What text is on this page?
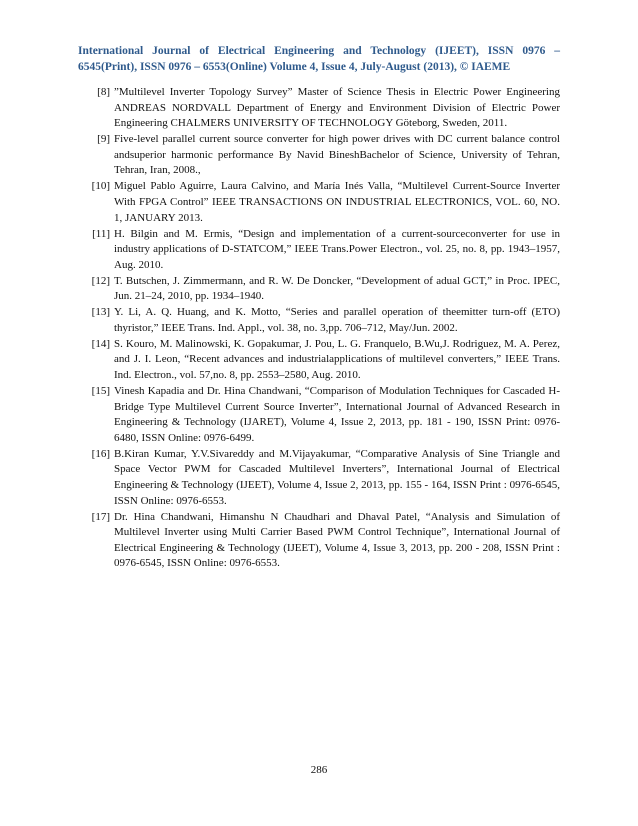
International Journal of Electrical Engineering and Technology (IJEET), ISSN 0976 – 6545(Print), ISSN 0976 – 6553(Online) Volume 4, Issue 4, July-August (2013), © IAEME
[8] ”Multilevel Inverter Topology Survey” Master of Science Thesis in Electric Power Engineering ANDREAS NORDVALL Department of Energy and Environment Division of Electric Power Engineering CHALMERS UNIVERSITY OF TECHNOLOGY Göteborg, Sweden, 2011.
[9] Five-level parallel current source converter for high power drives with DC current balance control andsuperior harmonic performance By Navid BineshBachelor of Science, University of Tehran, Tehran, Iran, 2008.,
[10] Miguel Pablo Aguirre, Laura Calvino, and María Inés Valla, “Multilevel Current-Source Inverter With FPGA Control” IEEE TRANSACTIONS ON INDUSTRIAL ELECTRONICS, VOL. 60, NO. 1, JANUARY 2013.
[11] H. Bilgin and M. Ermis, “Design and implementation of a current-sourceconverter for use in industry applications of D-STATCOM,” IEEE Trans.Power Electron., vol. 25, no. 8, pp. 1943–1957, Aug. 2010.
[12] T. Butschen, J. Zimmermann, and R. W. De Doncker, “Development of adual GCT,” in Proc. IPEC, Jun. 21–24, 2010, pp. 1934–1940.
[13] Y. Li, A. Q. Huang, and K. Motto, “Series and parallel operation of theemitter turn-off (ETO) thyristor,” IEEE Trans. Ind. Appl., vol. 38, no. 3,pp. 706–712, May/Jun. 2002.
[14] S. Kouro, M. Malinowski, K. Gopakumar, J. Pou, L. G. Franquelo, B.Wu,J. Rodriguez, M. A. Perez, and J. I. Leon, “Recent advances and industrialapplications of multilevel converters,” IEEE Trans. Ind. Electron., vol. 57,no. 8, pp. 2553–2580, Aug. 2010.
[15] Vinesh Kapadia and Dr. Hina Chandwani, “Comparison of Modulation Techniques for Cascaded H-Bridge Type Multilevel Current Source Inverter”, International Journal of Advanced Research in Engineering & Technology (IJARET), Volume 4, Issue 2, 2013, pp. 181 - 190, ISSN Print: 0976-6480, ISSN Online: 0976-6499.
[16] B.Kiran Kumar, Y.V.Sivareddy and M.Vijayakumar, “Comparative Analysis of Sine Triangle and Space Vector PWM for Cascaded Multilevel Inverters”, International Journal of Electrical Engineering & Technology (IJEET), Volume 4, Issue 2, 2013, pp. 155 - 164, ISSN Print : 0976-6545, ISSN Online: 0976-6553.
[17] Dr. Hina Chandwani, Himanshu N Chaudhari and Dhaval Patel, “Analysis and Simulation of Multilevel Inverter using Multi Carrier Based PWM Control Technique”, International Journal of Electrical Engineering & Technology (IJEET), Volume 4, Issue 3, 2013, pp. 200 - 208, ISSN Print : 0976-6545, ISSN Online: 0976-6553.
286
